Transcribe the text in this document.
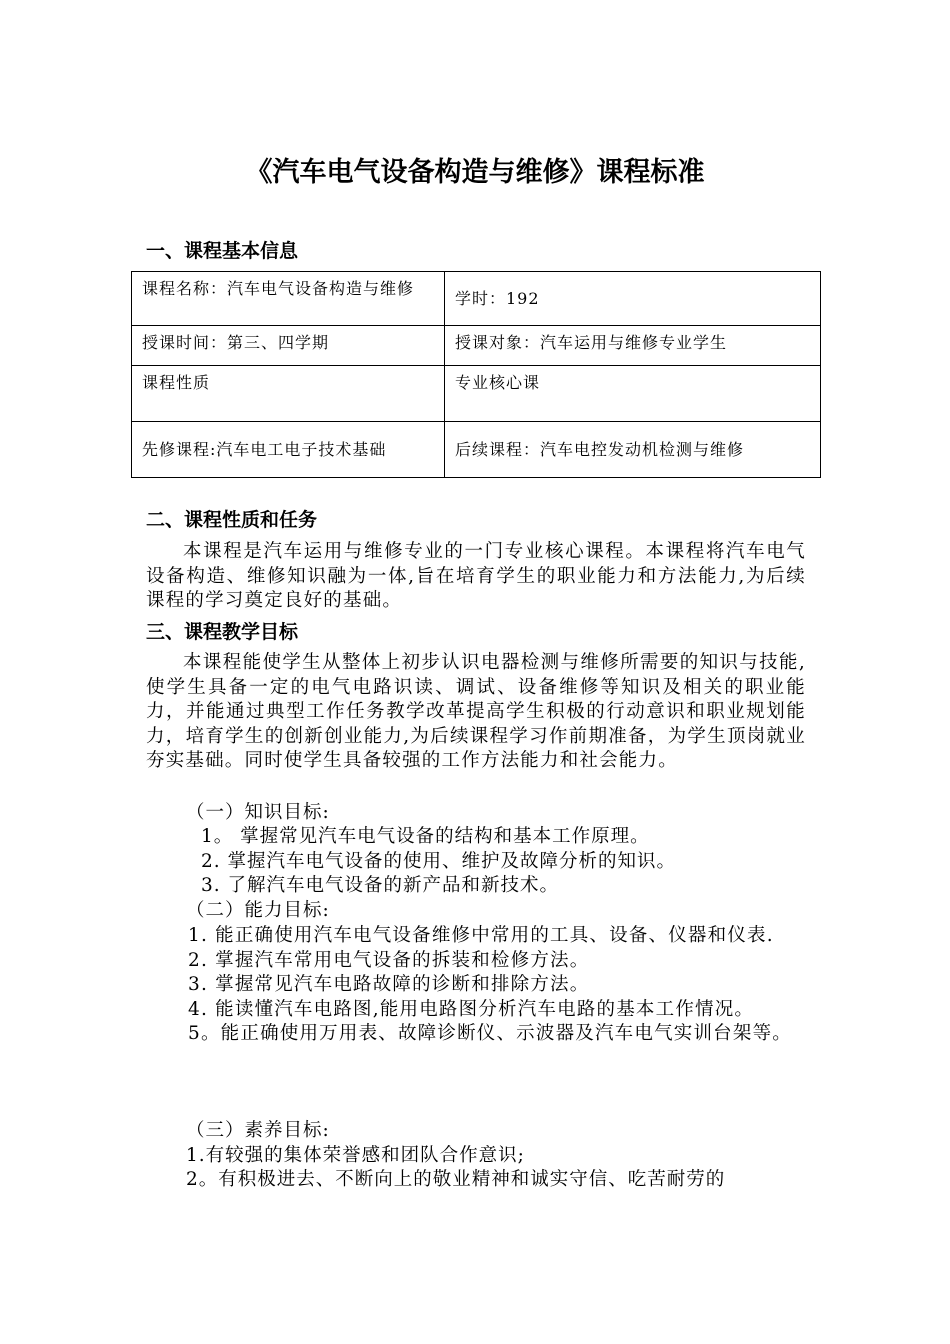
《汽车电气设备构造与维修》课程标准
一、课程基本信息
课程名称：汽车电气设备构造与维修	学时：192
授课时间：第三、四学期	授课对象：汽车运用与维修专业学生
课程性质	专业核心课
先修课程:汽车电工电子技术基础	后续课程：汽车电控发动机检测与维修
二、课程性质和任务

本课程是汽车运用与维修专业的一门专业核心课程。本课程将汽车电气设备构造、维修知识融为一体,旨在培育学生的职业能力和方法能力,为后续课程的学习奠定良好的基础。

三、课程教学目标

本课程能使学生从整体上初步认识电器检测与维修所需要的知识与技能,使学生具备一定的电气电路识读、调试、设备维修等知识及相关的职业能力，并能通过典型工作任务教学改革提高学生积极的行动意识和职业规划能力，培育学生的创新创业能力,为后续课程学习作前期准备，为学生顶岗就业夯实基础。同时使学生具备较强的工作方法能力和社会能力。

（一）知识目标:
1。 掌握常见汽车电气设备的结构和基本工作原理。
2. 掌握汽车电气设备的使用、维护及故障分析的知识。
3. 了解汽车电气设备的新产品和新技术。
（二）能力目标:

1. 能正确使用汽车电气设备维修中常用的工具、设备、仪器和仪表.

2. 掌握汽车常用电气设备的拆装和检修方法。

3. 掌握常见汽车电路故障的诊断和排除方法。

4. 能读懂汽车电路图,能用电路图分析汽车电路的基本工作情况。

5。能正确使用万用表、故障诊断仪、示波器及汽车电气实训台架等。

（三）素养目标:
1.有较强的集体荣誉感和团队合作意识;
2。有积极进去、不断向上的敬业精神和诚实守信、吃苦耐劳的
